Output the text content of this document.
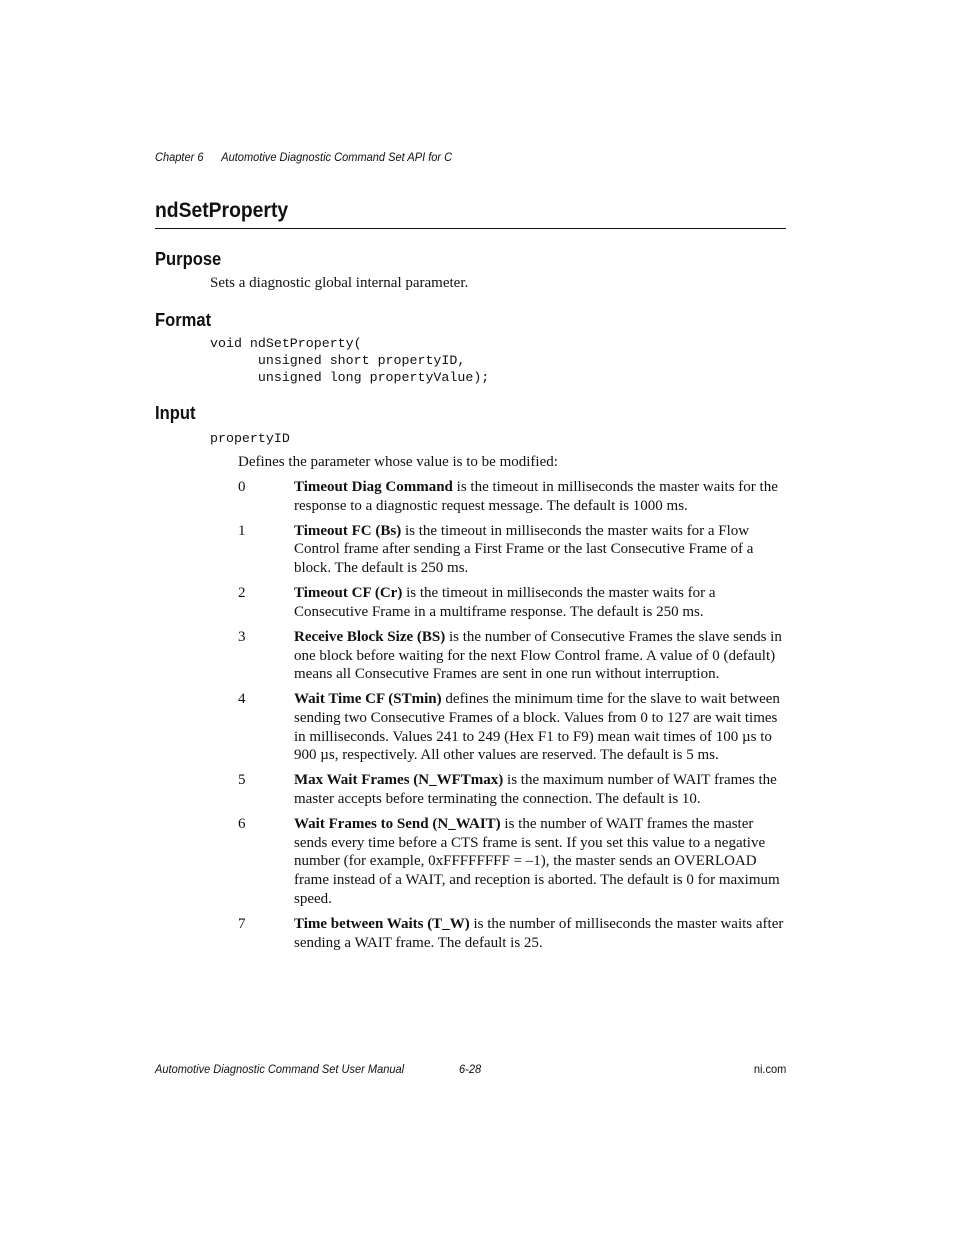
Chapter 6 Automotive Diagnostic Command Set API for C
ndSetProperty
Purpose
Sets a diagnostic global internal parameter.
Format
void ndSetProperty(
unsigned short propertyID,
unsigned long propertyValue);
Input
propertyID
Defines the parameter whose value is to be modified:
0	Timeout Diag Command is the timeout in milliseconds the master waits for the response to a diagnostic request message. The default is 1000 ms.
1	Timeout FC (Bs) is the timeout in milliseconds the master waits for a Flow Control frame after sending a First Frame or the last Consecutive Frame of a block. The default is 250 ms.
2	Timeout CF (Cr) is the timeout in milliseconds the master waits for a Consecutive Frame in a multiframe response. The default is 250 ms.
3	Receive Block Size (BS) is the number of Consecutive Frames the slave sends in one block before waiting for the next Flow Control frame. A value of 0 (default) means all Consecutive Frames are sent in one run without interruption.
4	Wait Time CF (STmin) defines the minimum time for the slave to wait between sending two Consecutive Frames of a block. Values from 0 to 127 are wait times in milliseconds. Values 241 to 249 (Hex F1 to F9) mean wait times of 100 µs to 900 µs, respectively. All other values are reserved. The default is 5 ms.
5	Max Wait Frames (N_WFTmax) is the maximum number of WAIT frames the master accepts before terminating the connection. The default is 10.
6	Wait Frames to Send (N_WAIT) is the number of WAIT frames the master sends every time before a CTS frame is sent. If you set this value to a negative number (for example, 0xFFFFFFFF = –1), the master sends an OVERLOAD frame instead of a WAIT, and reception is aborted. The default is 0 for maximum speed.
7	Time between Waits (T_W) is the number of milliseconds the master waits after sending a WAIT frame. The default is 25.
Automotive Diagnostic Command Set User Manual	6-28	ni.com
